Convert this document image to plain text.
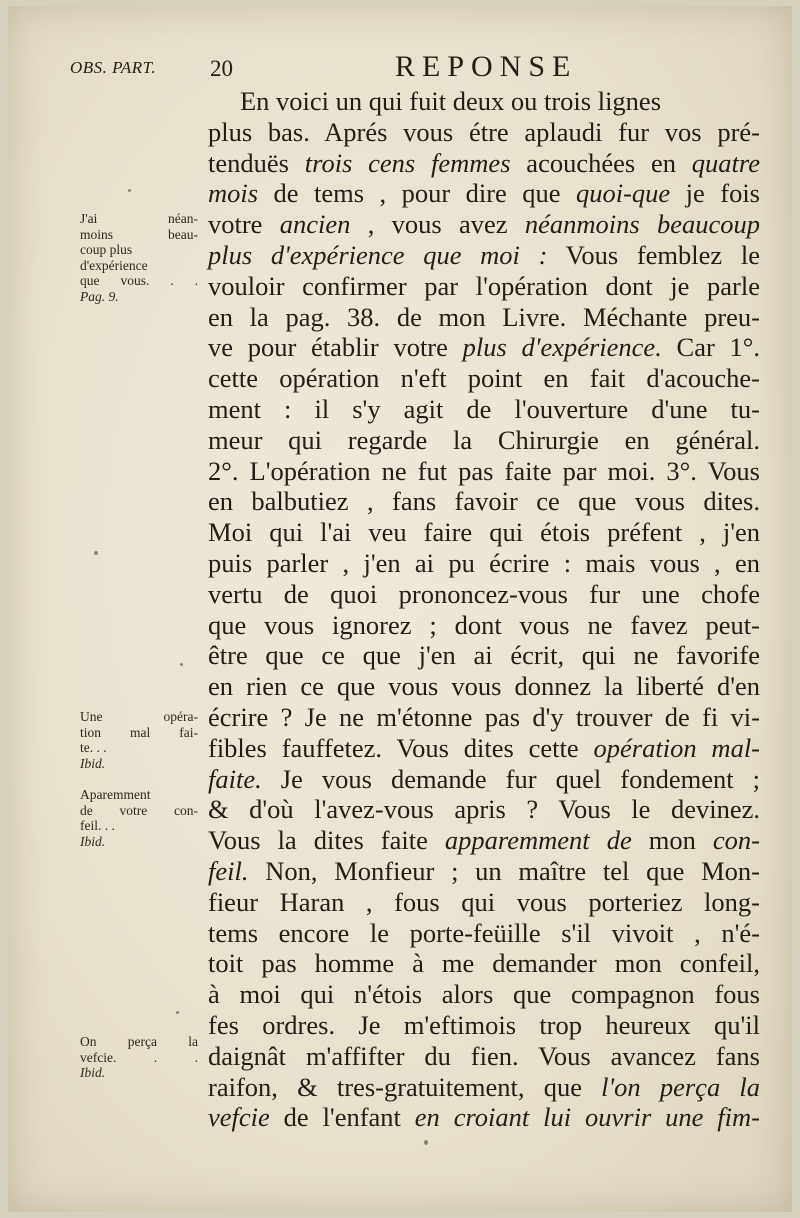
OBS. PART. 20	REPONSE
En voici un qui fuit deux ou trois lignes
plus bas. Aprés vous étre aplaudi fur vos pré-
tenduës trois cens femmes acouchées en quatre
mois de tems , pour dire que quoi-que je fois
votre ancien , vous avez néanmoins beaucoup
plus d'expérience que moi : Vous femblez le
vouloir confirmer par l'opération dont je parle
en la pag. 38. de mon Livre. Méchante preu-
ve pour établir votre plus d'expérience. Car 1°.
cette opération n'eft point en fait d'acouche-
ment : il s'y agit de l'ouverture d'une tu-
meur qui regarde la Chirurgie en général.
2°. L'opération ne fut pas faite par moi. 3°. Vous
en balbutiez , fans favoir ce que vous dites.
Moi qui l'ai veu faire qui étois préfent , j'en
puis parler , j'en ai pu écrire : mais vous , en
vertu de quoi prononcez-vous fur une chofe
que vous ignorez ; dont vous ne favez peut-
être que ce que j'en ai écrit, qui ne favorife
en rien ce que vous vous donnez la liberté d'en
écrire ? Je ne m'étonne pas d'y trouver de fi vi-
fibles fauffetez. Vous dites cette opération mal-
faite. Je vous demande fur quel fondement ;
& d'où l'avez-vous apris ? Vous le devinez.
Vous la dites faite apparemment de mon con-
feil. Non, Monfieur ; un maître tel que Mon-
fieur Haran , fous qui vous porteriez long-
tems encore le porte-feüille s'il vivoit , n'é-
toit pas homme à me demander mon confeil,
à moi qui n'étois alors que compagnon fous
fes ordres. Je m'eftimois trop heureux qu'il
daignât m'affifter du fien. Vous avancez fans
raifon, & tres-gratuitement, que l'on perça la
vefcie de l'enfant en croiant lui ouvrir une fim-
J'ai néan-
moins beau-
coup plus
d'expérience
que vous. . .
Pag. 9.
Une opéra-
tion mal fai-
te. . .
Ibid.
Aparemment
de votre con-
feil. . .
Ibid.
On perça la
vefcie. . .
Ibid.
